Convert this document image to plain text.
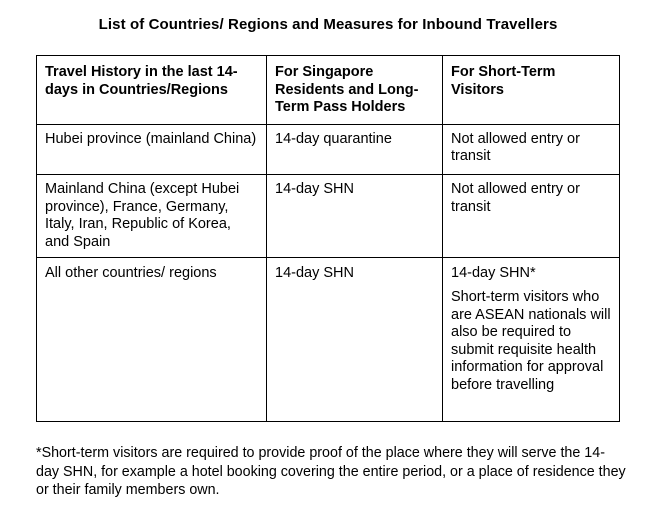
List of Countries/ Regions and Measures for Inbound Travellers
Travel History in the last 14-days in Countries/Regions	For Singapore Residents and Long-Term Pass Holders	For Short-Term Visitors
Hubei province (mainland China)	14-day quarantine	Not allowed entry or transit
Mainland China (except Hubei province), France, Germany, Italy, Iran, Republic of Korea, and Spain	14-day SHN	Not allowed entry or transit
All other countries/ regions	14-day SHN	14-day SHN*
Short-term visitors who are ASEAN nationals will also be required to submit requisite health information for approval before travelling
*Short-term visitors are required to provide proof of the place where they will serve the 14-day SHN, for example a hotel booking covering the entire period, or a place of residence they or their family members own.
